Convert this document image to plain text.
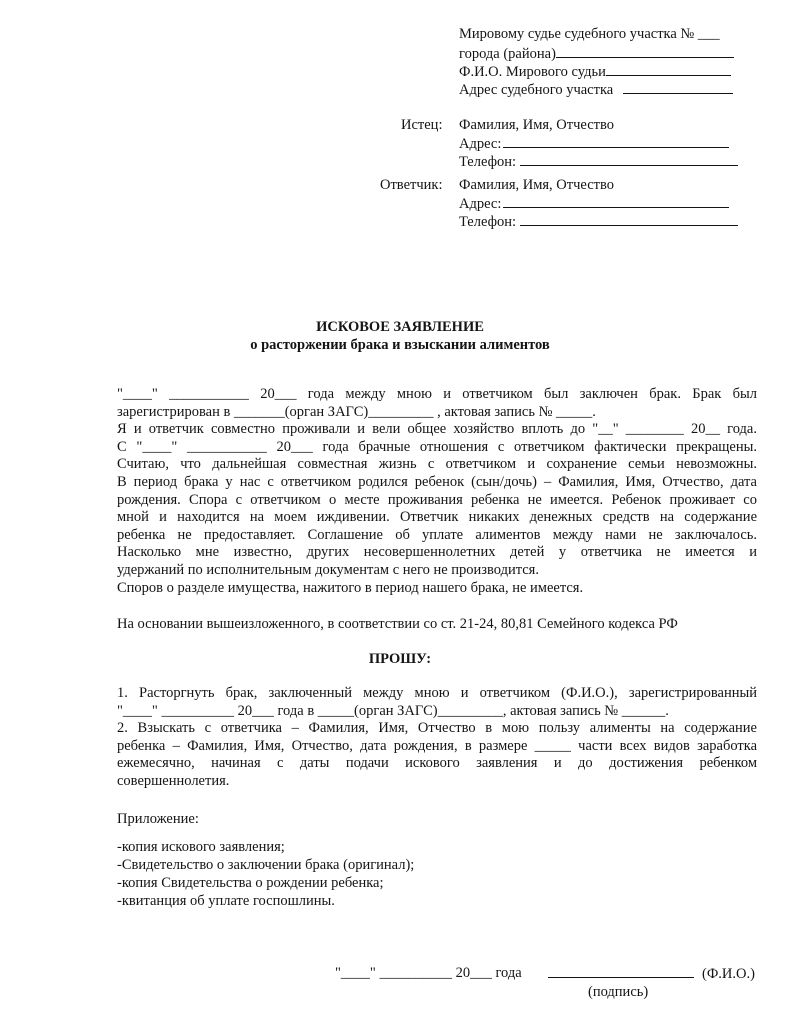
Мировому судье судебного участка № ___
города (района)
Ф.И.О. Мирового судьи
Адрес судебного участка
Истец: Фамилия, Имя, Отчество
Адрес:
Телефон:
Ответчик: Фамилия, Имя, Отчество
Адрес:
Телефон:
ИСКОВОЕ ЗАЯВЛЕНИЕ
о расторжении брака и взыскании алиментов
"____" ___________ 20___ года между мною и ответчиком был заключен брак. Брак был
зарегистрирован в _______(орган ЗАГС)_________ , актовая запись № _____.
Я и ответчик совместно проживали и вели общее хозяйство вплоть до "__" ________ 20__ года.
С "____" ___________ 20___ года брачные отношения с ответчиком фактически прекращены.
Считаю, что дальнейшая совместная жизнь с ответчиком и сохранение семьи невозможны.
В период брака у нас с ответчиком родился ребенок (сын/дочь) – Фамилия, Имя, Отчество, дата
рождения. Спора с ответчиком о месте проживания ребенка не имеется. Ребенок проживает со
мной и находится на моем иждивении. Ответчик никаких денежных средств на содержание
ребенка не предоставляет. Соглашение об уплате алиментов между нами не заключалось.
Насколько мне известно, других несовершеннолетних детей у ответчика не имеется и
удержаний по исполнительным документам с него не производится.
Споров о разделе имущества, нажитого в период нашего брака, не имеется.
На основании вышеизложенного, в соответствии со ст. 21-24, 80,81 Семейного кодекса РФ
ПРОШУ:
1. Расторгнуть брак, заключенный между мною и ответчиком (Ф.И.О.), зарегистрированный
"____" __________ 20___ года в _____(орган ЗАГС)_________, актовая запись № ______.
2. Взыскать с ответчика – Фамилия, Имя, Отчество в мою пользу алименты на содержание
ребенка – Фамилия, Имя, Отчество, дата рождения, в размере _____ части всех видов заработка
ежемесячно, начиная с даты подачи искового заявления и до достижения ребенком
совершеннолетия.
Приложение:
-копия искового заявления;
-Свидетельство о заключении брака (оригинал);
-копия Свидетельства о рождении ребенка;
-квитанция об уплате госпошлины.
"____" __________ 20___ года	(Ф.И.О.)
(подпись)
